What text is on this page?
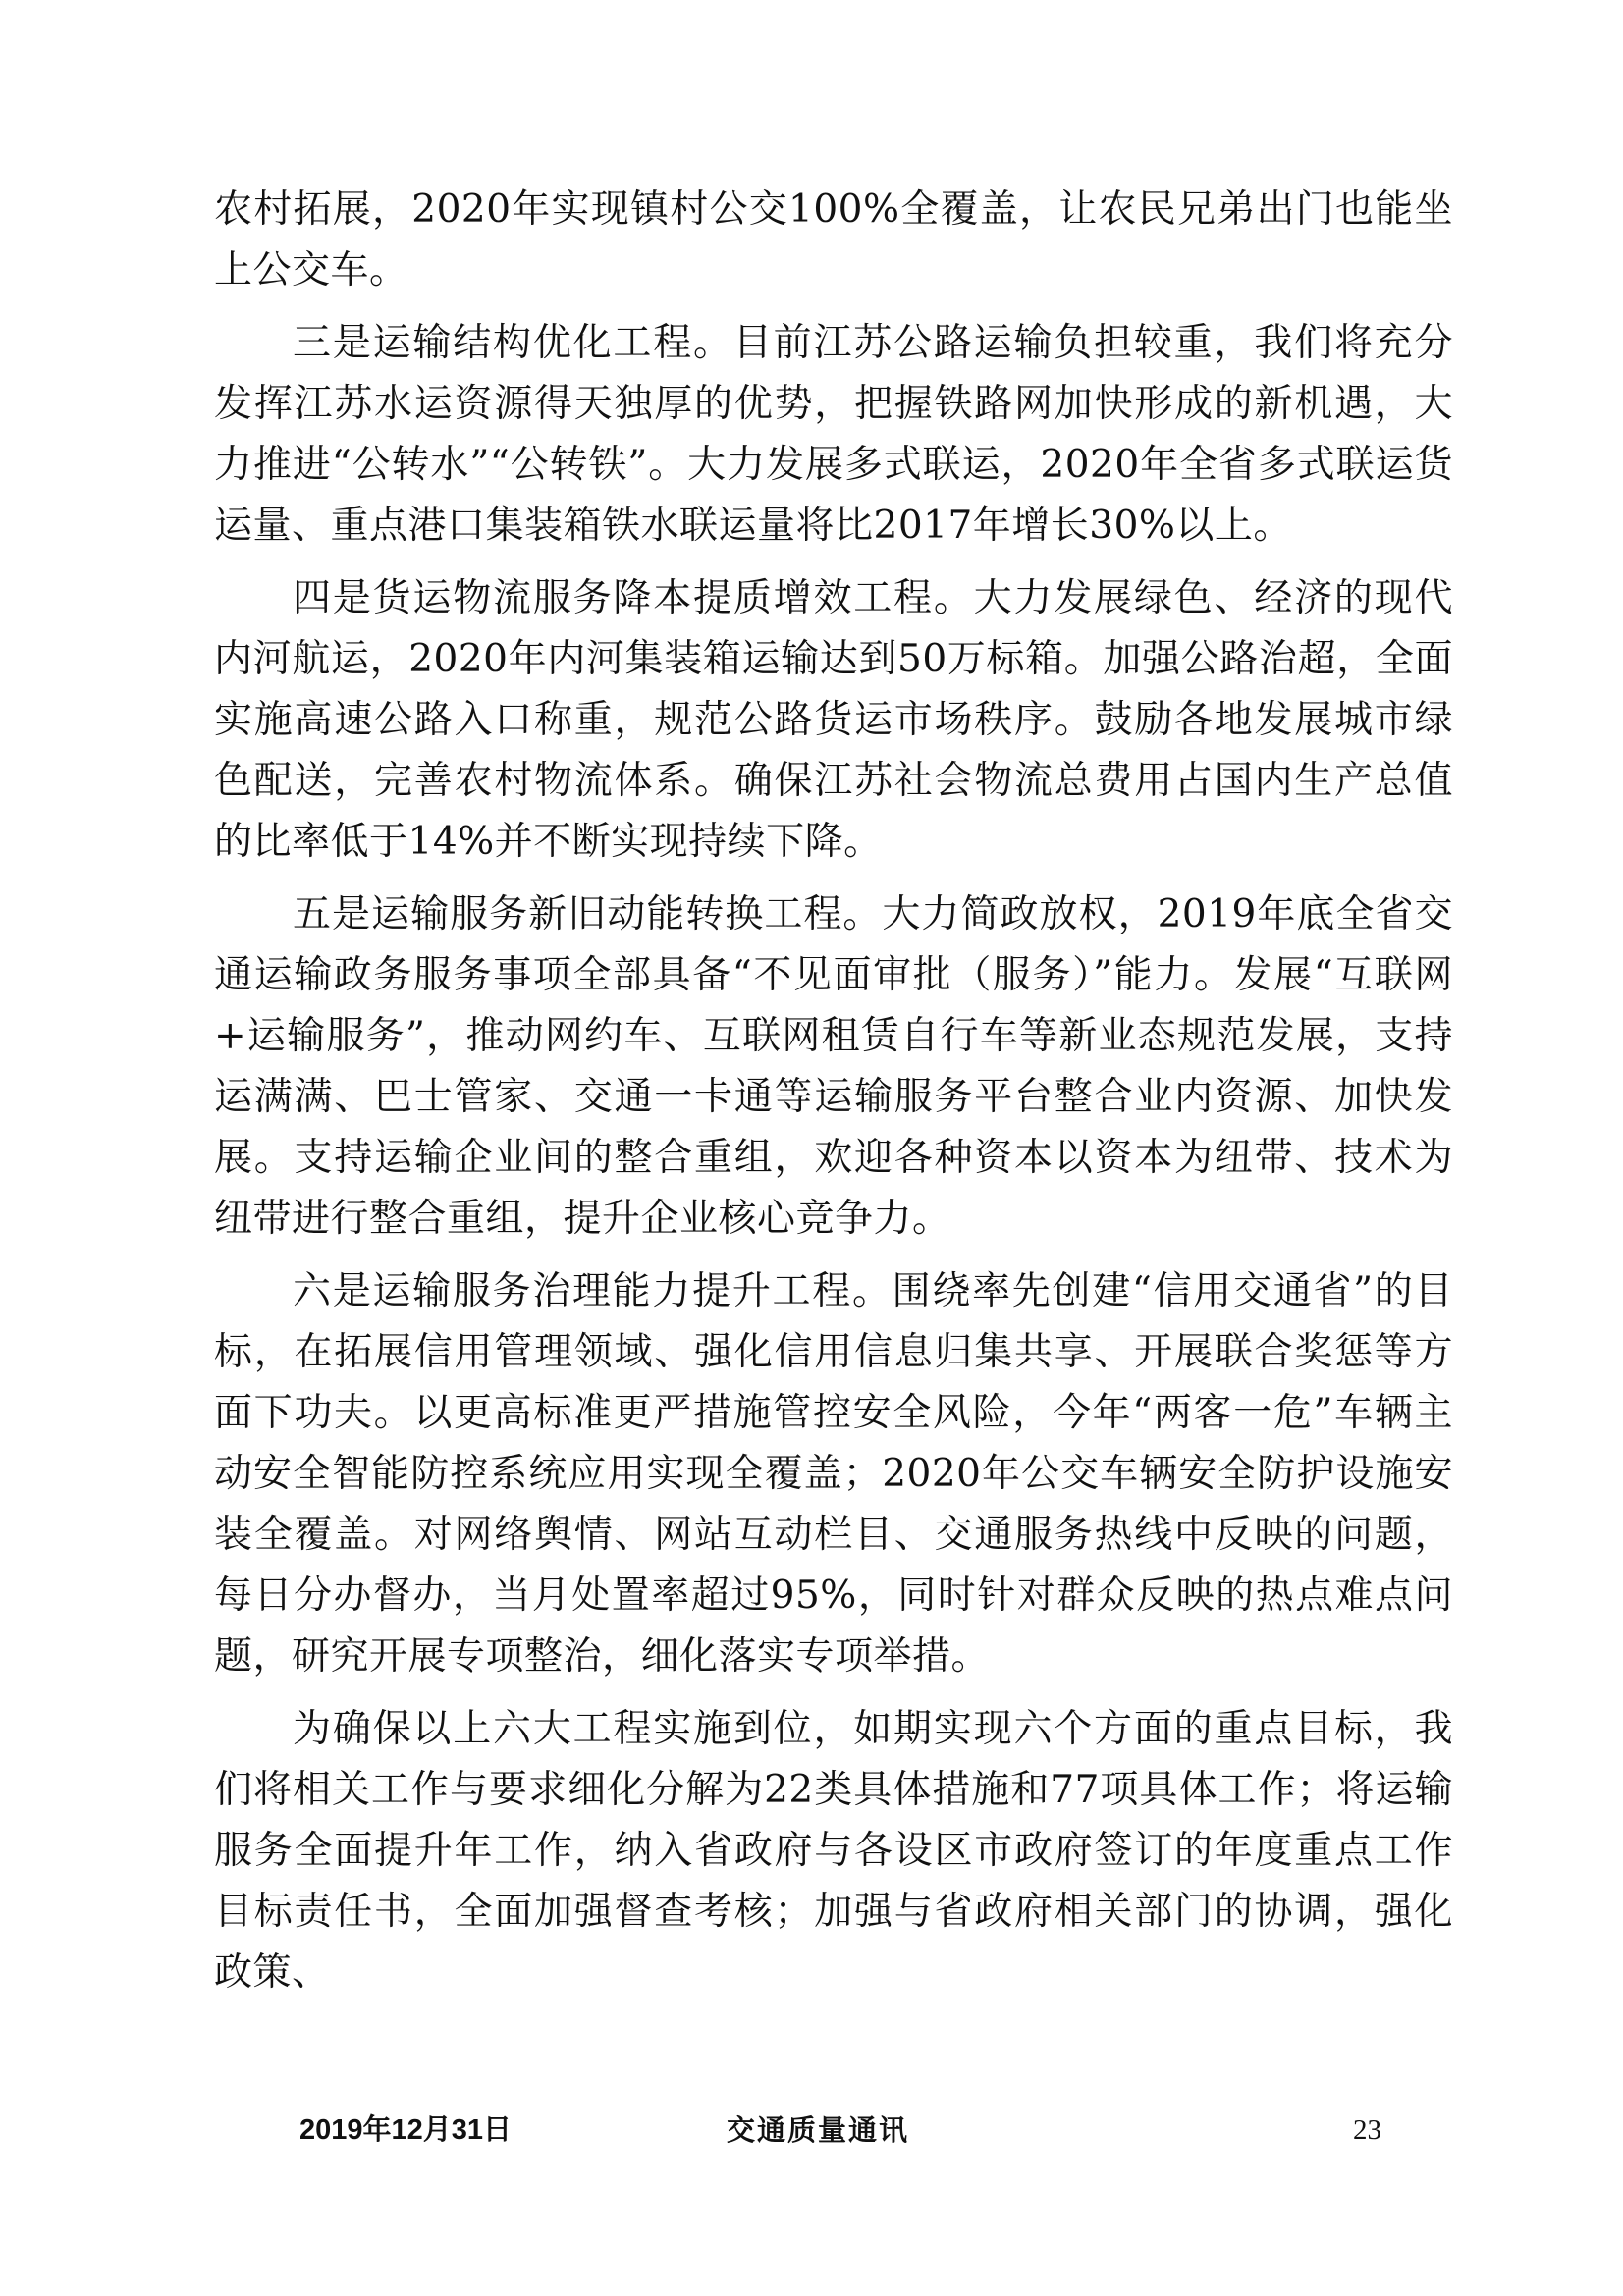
农村拓展，2020年实现镇村公交100%全覆盖，让农民兄弟出门也能坐上公交车。

三是运输结构优化工程。目前江苏公路运输负担较重，我们将充分发挥江苏水运资源得天独厚的优势，把握铁路网加快形成的新机遇，大力推进“公转水”“公转铁”。大力发展多式联运，2020年全省多式联运货运量、重点港口集装箱铁水联运量将比2017年增长30%以上。

四是货运物流服务降本提质增效工程。大力发展绿色、经济的现代内河航运，2020年内河集装箱运输达到50万标箱。加强公路治超，全面实施高速公路入口称重，规范公路货运市场秩序。鼓励各地发展城市绿色配送，完善农村物流体系。确保江苏社会物流总费用占国内生产总值的比率低于14%并不断实现持续下降。

五是运输服务新旧动能转换工程。大力简政放权，2019年底全省交通运输政务服务事项全部具备“不见面审批（服务）”能力。发展“互联网+运输服务”，推动网约车、互联网租赁自行车等新业态规范发展，支持运满满、巴士管家、交通一卡通等运输服务平台整合业内资源、加快发展。支持运输企业间的整合重组，欢迎各种资本以资本为纽带、技术为纽带进行整合重组，提升企业核心竞争力。

六是运输服务治理能力提升工程。围绕率先创建“信用交通省”的目标，在拓展信用管理领域、强化信用信息归集共享、开展联合奖惩等方面下功夫。以更高标准更严措施管控安全风险，今年“两客一危”车辆主动安全智能防控系统应用实现全覆盖；2020年公交车辆安全防护设施安装全覆盖。对网络舆情、网站互动栏目、交通服务热线中反映的问题，每日分办督办，当月处置率超过95%，同时针对群众反映的热点难点问题，研究开展专项整治，细化落实专项举措。

为确保以上六大工程实施到位，如期实现六个方面的重点目标，我们将相关工作与要求细化分解为22类具体措施和77项具体工作；将运输服务全面提升年工作，纳入省政府与各设区市政府签订的年度重点工作目标责任书，全面加强督查考核；加强与省政府相关部门的协调，强化政策、

2019年12月31日	交通质量通讯	23
